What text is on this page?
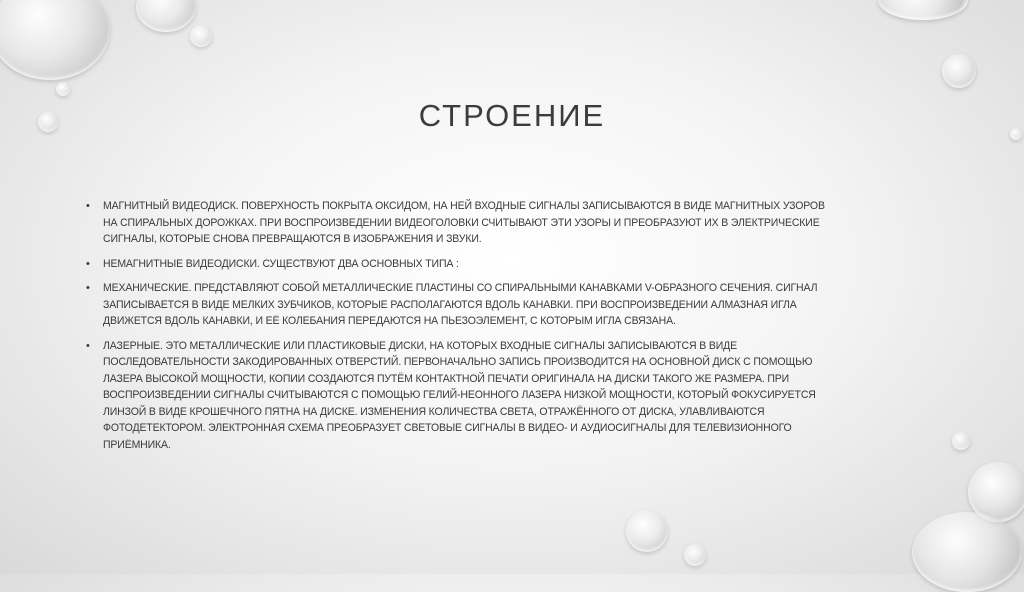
СТРОЕНИЕ
• МАГНИТНЫЙ ВИДЕОДИСК. ПОВЕРХНОСТЬ ПОКРЫТА ОКСИДОМ, НА НЕЙ ВХОДНЫЕ СИГНАЛЫ ЗАПИСЫВАЮТСЯ В ВИДЕ МАГНИТНЫХ УЗОРОВ
НА СПИРАЛЬНЫХ ДОРОЖКАХ. ПРИ ВОСПРОИЗВЕДЕНИИ ВИДЕОГОЛОВКИ СЧИТЫВАЮТ ЭТИ УЗОРЫ И ПРЕОБРАЗУЮТ ИХ В ЭЛЕКТРИЧЕСКИЕ
СИГНАЛЫ, КОТОРЫЕ СНОВА ПРЕВРАЩАЮТСЯ В ИЗОБРАЖЕНИЯ И ЗВУКИ.
• НЕМАГНИТНЫЕ ВИДЕОДИСКИ. СУЩЕСТВУЮТ ДВА ОСНОВНЫХ ТИПА :
• МЕХАНИЧЕСКИЕ. ПРЕДСТАВЛЯЮТ СОБОЙ МЕТАЛЛИЧЕСКИЕ ПЛАСТИНЫ СО СПИРАЛЬНЫМИ КАНАВКАМИ V-ОБРАЗНОГО СЕЧЕНИЯ. СИГНАЛ
ЗАПИСЫВАЕТСЯ В ВИДЕ МЕЛКИХ ЗУБЧИКОВ, КОТОРЫЕ РАСПОЛАГАЮТСЯ ВДОЛЬ КАНАВКИ. ПРИ ВОСПРОИЗВЕДЕНИИ АЛМАЗНАЯ ИГЛА
ДВИЖЕТСЯ ВДОЛЬ КАНАВКИ, И ЕЁ КОЛЕБАНИЯ ПЕРЕДАЮТСЯ НА ПЬЕЗОЭЛЕМЕНТ, С КОТОРЫМ ИГЛА СВЯЗАНА.
• ЛАЗЕРНЫЕ. ЭТО МЕТАЛЛИЧЕСКИЕ ИЛИ ПЛАСТИКОВЫЕ ДИСКИ, НА КОТОРЫХ ВХОДНЫЕ СИГНАЛЫ ЗАПИСЫВАЮТСЯ В ВИДЕ
ПОСЛЕДОВАТЕЛЬНОСТИ ЗАКОДИРОВАННЫХ ОТВЕРСТИЙ. ПЕРВОНАЧАЛЬНО ЗАПИСЬ ПРОИЗВОДИТСЯ НА ОСНОВНОЙ ДИСК С ПОМОЩЬЮ
ЛАЗЕРА ВЫСОКОЙ МОЩНОСТИ, КОПИИ СОЗДАЮТСЯ ПУТЁМ КОНТАКТНОЙ ПЕЧАТИ ОРИГИНАЛА НА ДИСКИ ТАКОГО ЖЕ РАЗМЕРА. ПРИ
ВОСПРОИЗВЕДЕНИИ СИГНАЛЫ СЧИТЫВАЮТСЯ С ПОМОЩЬЮ ГЕЛИЙ-НЕОННОГО ЛАЗЕРА НИЗКОЙ МОЩНОСТИ, КОТОРЫЙ ФОКУСИРУЕТСЯ
ЛИНЗОЙ В ВИДЕ КРОШЕЧНОГО ПЯТНА НА ДИСКЕ. ИЗМЕНЕНИЯ КОЛИЧЕСТВА СВЕТА, ОТРАЖЁННОГО ОТ ДИСКА, УЛАВЛИВАЮТСЯ
ФОТОДЕТЕКТОРОМ. ЭЛЕКТРОННАЯ СХЕМА ПРЕОБРАЗУЕТ СВЕТОВЫЕ СИГНАЛЫ В ВИДЕО- И АУДИОСИГНАЛЫ ДЛЯ ТЕЛЕВИЗИОННОГО
ПРИЁМНИКА.
